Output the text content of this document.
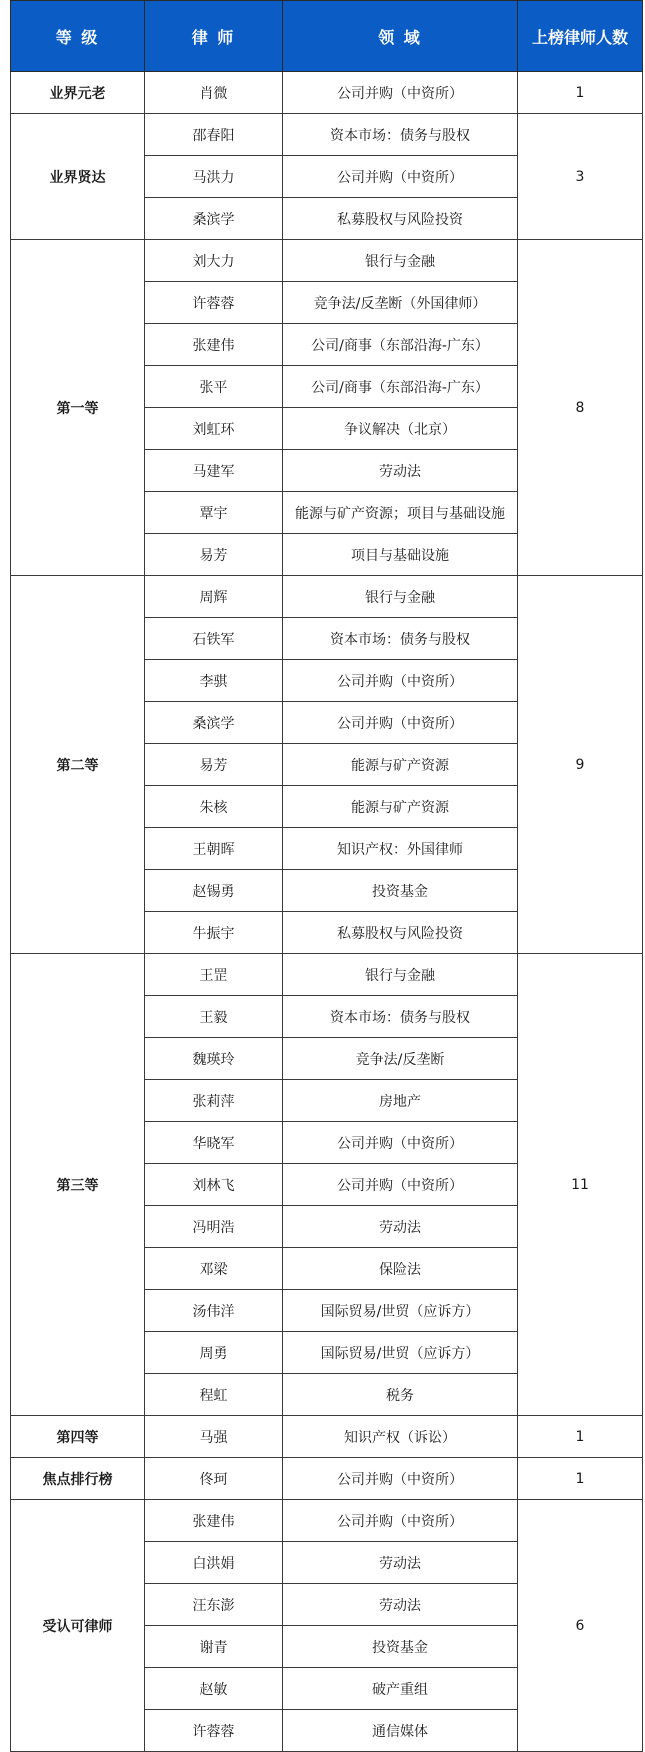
等 级	律 师	领 域	上榜律师人数
业界元老	肖微	公司并购（中资所）	1
业界贤达	邵春阳	资本市场：债务与股权	3
	马洪力	公司并购（中资所）	
	桑滨学	私募股权与风险投资	
第一等	刘大力	银行与金融	8
	许蓉蓉	竞争法/反垄断（外国律师）	
	张建伟	公司/商事（东部沿海-广东）	
	张平	公司/商事（东部沿海-广东）	
	刘虹环	争议解决（北京）	
	马建军	劳动法	
	覃宇	能源与矿产资源；项目与基础设施	
	易芳	项目与基础设施	
第二等	周辉	银行与金融	9
	石铁军	资本市场：债务与股权	
	李骐	公司并购（中资所）	
	桑滨学	公司并购（中资所）	
	易芳	能源与矿产资源	
	朱核	能源与矿产资源	
	王朝晖	知识产权：外国律师	
	赵锡勇	投资基金	
	牛振宇	私募股权与风险投资	
第三等	王罡	银行与金融	11
	王毅	资本市场：债务与股权	
	魏瑛玲	竞争法/反垄断	
	张莉萍	房地产	
	华晓军	公司并购（中资所）	
	刘林飞	公司并购（中资所）	
	冯明浩	劳动法	
	邓梁	保险法	
	汤伟洋	国际贸易/世贸（应诉方）	
	周勇	国际贸易/世贸（应诉方）	
	程虹	税务	
第四等	马强	知识产权（诉讼）	1
焦点排行榜	佟珂	公司并购（中资所）	1
受认可律师	张建伟	公司并购（中资所）	6
	白洪娟	劳动法	
	汪东澎	劳动法	
	谢青	投资基金	
	赵敏	破产重组	
	许蓉蓉	通信媒体	
